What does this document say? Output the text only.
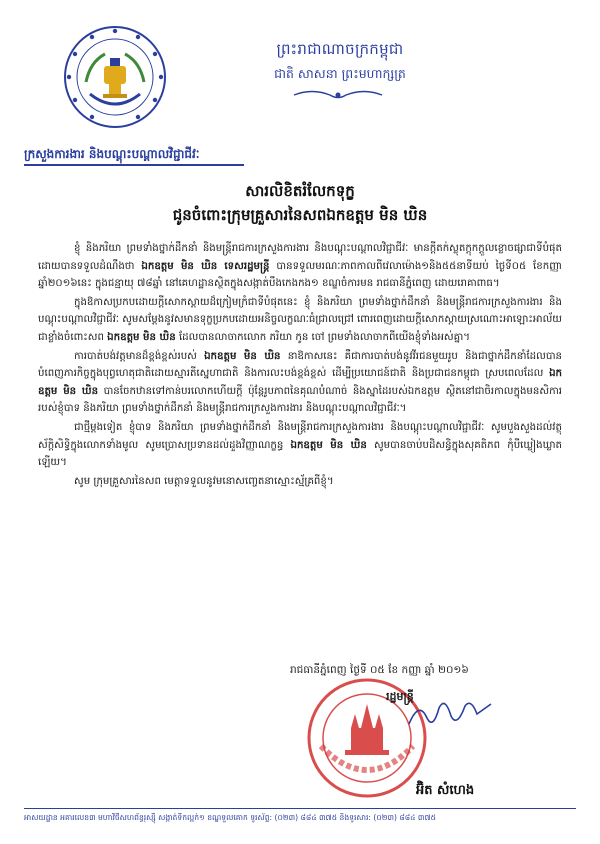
ព្រះរាជាណាចក្រកម្ពុជា
ជាតិ សាសនា ព្រះមហាក្សត្រ
ក្រសួងការងារ និងបណ្តុះបណ្តាលវិជ្ជាជីវៈ
សារលិខិតរំលែកទុក្ខ
ជូនចំពោះក្រុមគ្រួសារនៃសពឯកឧត្តម មិន ឃិន

ខ្ញុំ និងភរិយា ព្រមទាំងថ្នាក់ដឹកនាំ និងមន្ត្រីរាជការក្រសួងការងារ និងបណ្តុះបណ្តាលវិជ្ជាជីវៈ មានក្តីតក់ស្លុតក្តុកក្តួលខ្លោចផ្សាជាទីបំផុត ដោយបានទទួលដំណឹងថា ឯកឧត្តម មិន ឃិន ទេសរដ្ឋមន្ត្រី បានទទួលមរណៈភាពកាលពីវេលាម៉ោង១និង៥៥នាទីយប់ ថ្ងៃទី០៥ ខែកញ្ញា ឆ្នាំ២០១៦នេះ ក្នុងជន្មាយុ ៧៨ឆ្នាំ នៅគេហដ្ឋានស្ថិតក្នុងសង្កាត់បឹងកេងកង១ ខណ្ឌចំការមន រាជធានីភ្នំពេញ ដោយរោគាពាធ។

ក្នុងឱកាសប្រកបដោយក្តីសោកស្តាយដ៏ក្រៀមក្រំជាទីបំផុតនេះ ខ្ញុំ និងភរិយា ព្រមទាំងថ្នាក់ដឹកនាំ និងមន្ត្រីរាជការក្រសួងការងារ និងបណ្តុះបណ្តាលវិជ្ជាជីវៈ សូមសម្តែងនូវសមានទុក្ខប្រកបដោយអនិច្ចលក្ខណៈធំជ្រាលជ្រៅ ពោរពេញដោយក្តីសោកស្តាយស្រណោះអាឡោះអាល័យជាខ្លាំងចំពោះសព ឯកឧត្តម មិន ឃិន ដែលបានលាចាកលោក ភរិយា កូន ចៅ ព្រមទាំងលាចាកពីយើងខ្ញុំទាំងអស់គ្នា។

ការបាត់បង់វត្តមានដ៏ខ្ពង់ខ្ពស់របស់ ឯកឧត្តម មិន ឃិន នាឱកាសនេះ គឺជាការបាត់បង់នូវវីរជនមួយរូប និងជាថ្នាក់ដឹកនាំដែលបានបំពេញភារកិច្ចក្នុងបុព្វហេតុជាតិដោយស្មារតីស្នេហាជាតិ និងការលះបង់ខ្ពង់ខ្ពស់ ដើម្បីប្រយោជន៍ជាតិ និងប្រជាជនកម្ពុជា ស្របពេលដែល ឯកឧត្តម មិន ឃិន បានចែកឋានទៅកាន់បរលោកហើយក្តី ប៉ុន្តែរូបភាពនៃគុណបំណាច់ និងស្នាដៃរបស់ឯកឧត្តម ស្ថិតនៅជាចិរកាលក្នុងមនសិការរបស់ខ្ញុំបាទ និងភរិយា ព្រមទាំងថ្នាក់ដឹកនាំ និងមន្ត្រីរាជការក្រសួងការងារ និងបណ្តុះបណ្តាលវិជ្ជាជីវៈ។

ជាថ្មីម្តងទៀត ខ្ញុំបាទ និងភរិយា ព្រមទាំងថ្នាក់ដឹកនាំ និងមន្ត្រីរាជការក្រសួងការងារ និងបណ្តុះបណ្តាលវិជ្ជាជីវៈ សូមបួងសួងដល់វត្ថុស័ក្តិសិទ្ធិក្នុងលោកទាំងមូល សូមប្រោសប្រទានដល់ដួងវិញ្ញាណក្ខន្ធ ឯកឧត្តម មិន ឃិន សូមបានចាប់បដិសន្ធិក្នុងសុគតិភព កុំបីឃ្លៀងឃ្លាតឡើយ។

សូម ក្រុមគ្រួសារនៃសព មេត្តាទទួលនូវមនោសញ្ចេតនាស្មោះស្ម័គ្រពីខ្ញុំ។

រាជធានីភ្នំពេញ ថ្ងៃទី ០៥ ខែ កញ្ញា ឆ្នាំ ២០១៦
រដ្ឋមន្ត្រី
អ៊ិត សំហេង
អាសយដ្ឋាន អគារលេខ៣ មហាវិថីសហព័ន្ធរុស្ស៊ី សង្កាត់ទឹកល្អក់១ ខណ្ឌទួលគោក ទូរស័ព្ទ: (០២៣) ៨៨៤ ៣៧៥ និងទូរសារ: (០២៣) ៨៨៤ ៣៧៥
